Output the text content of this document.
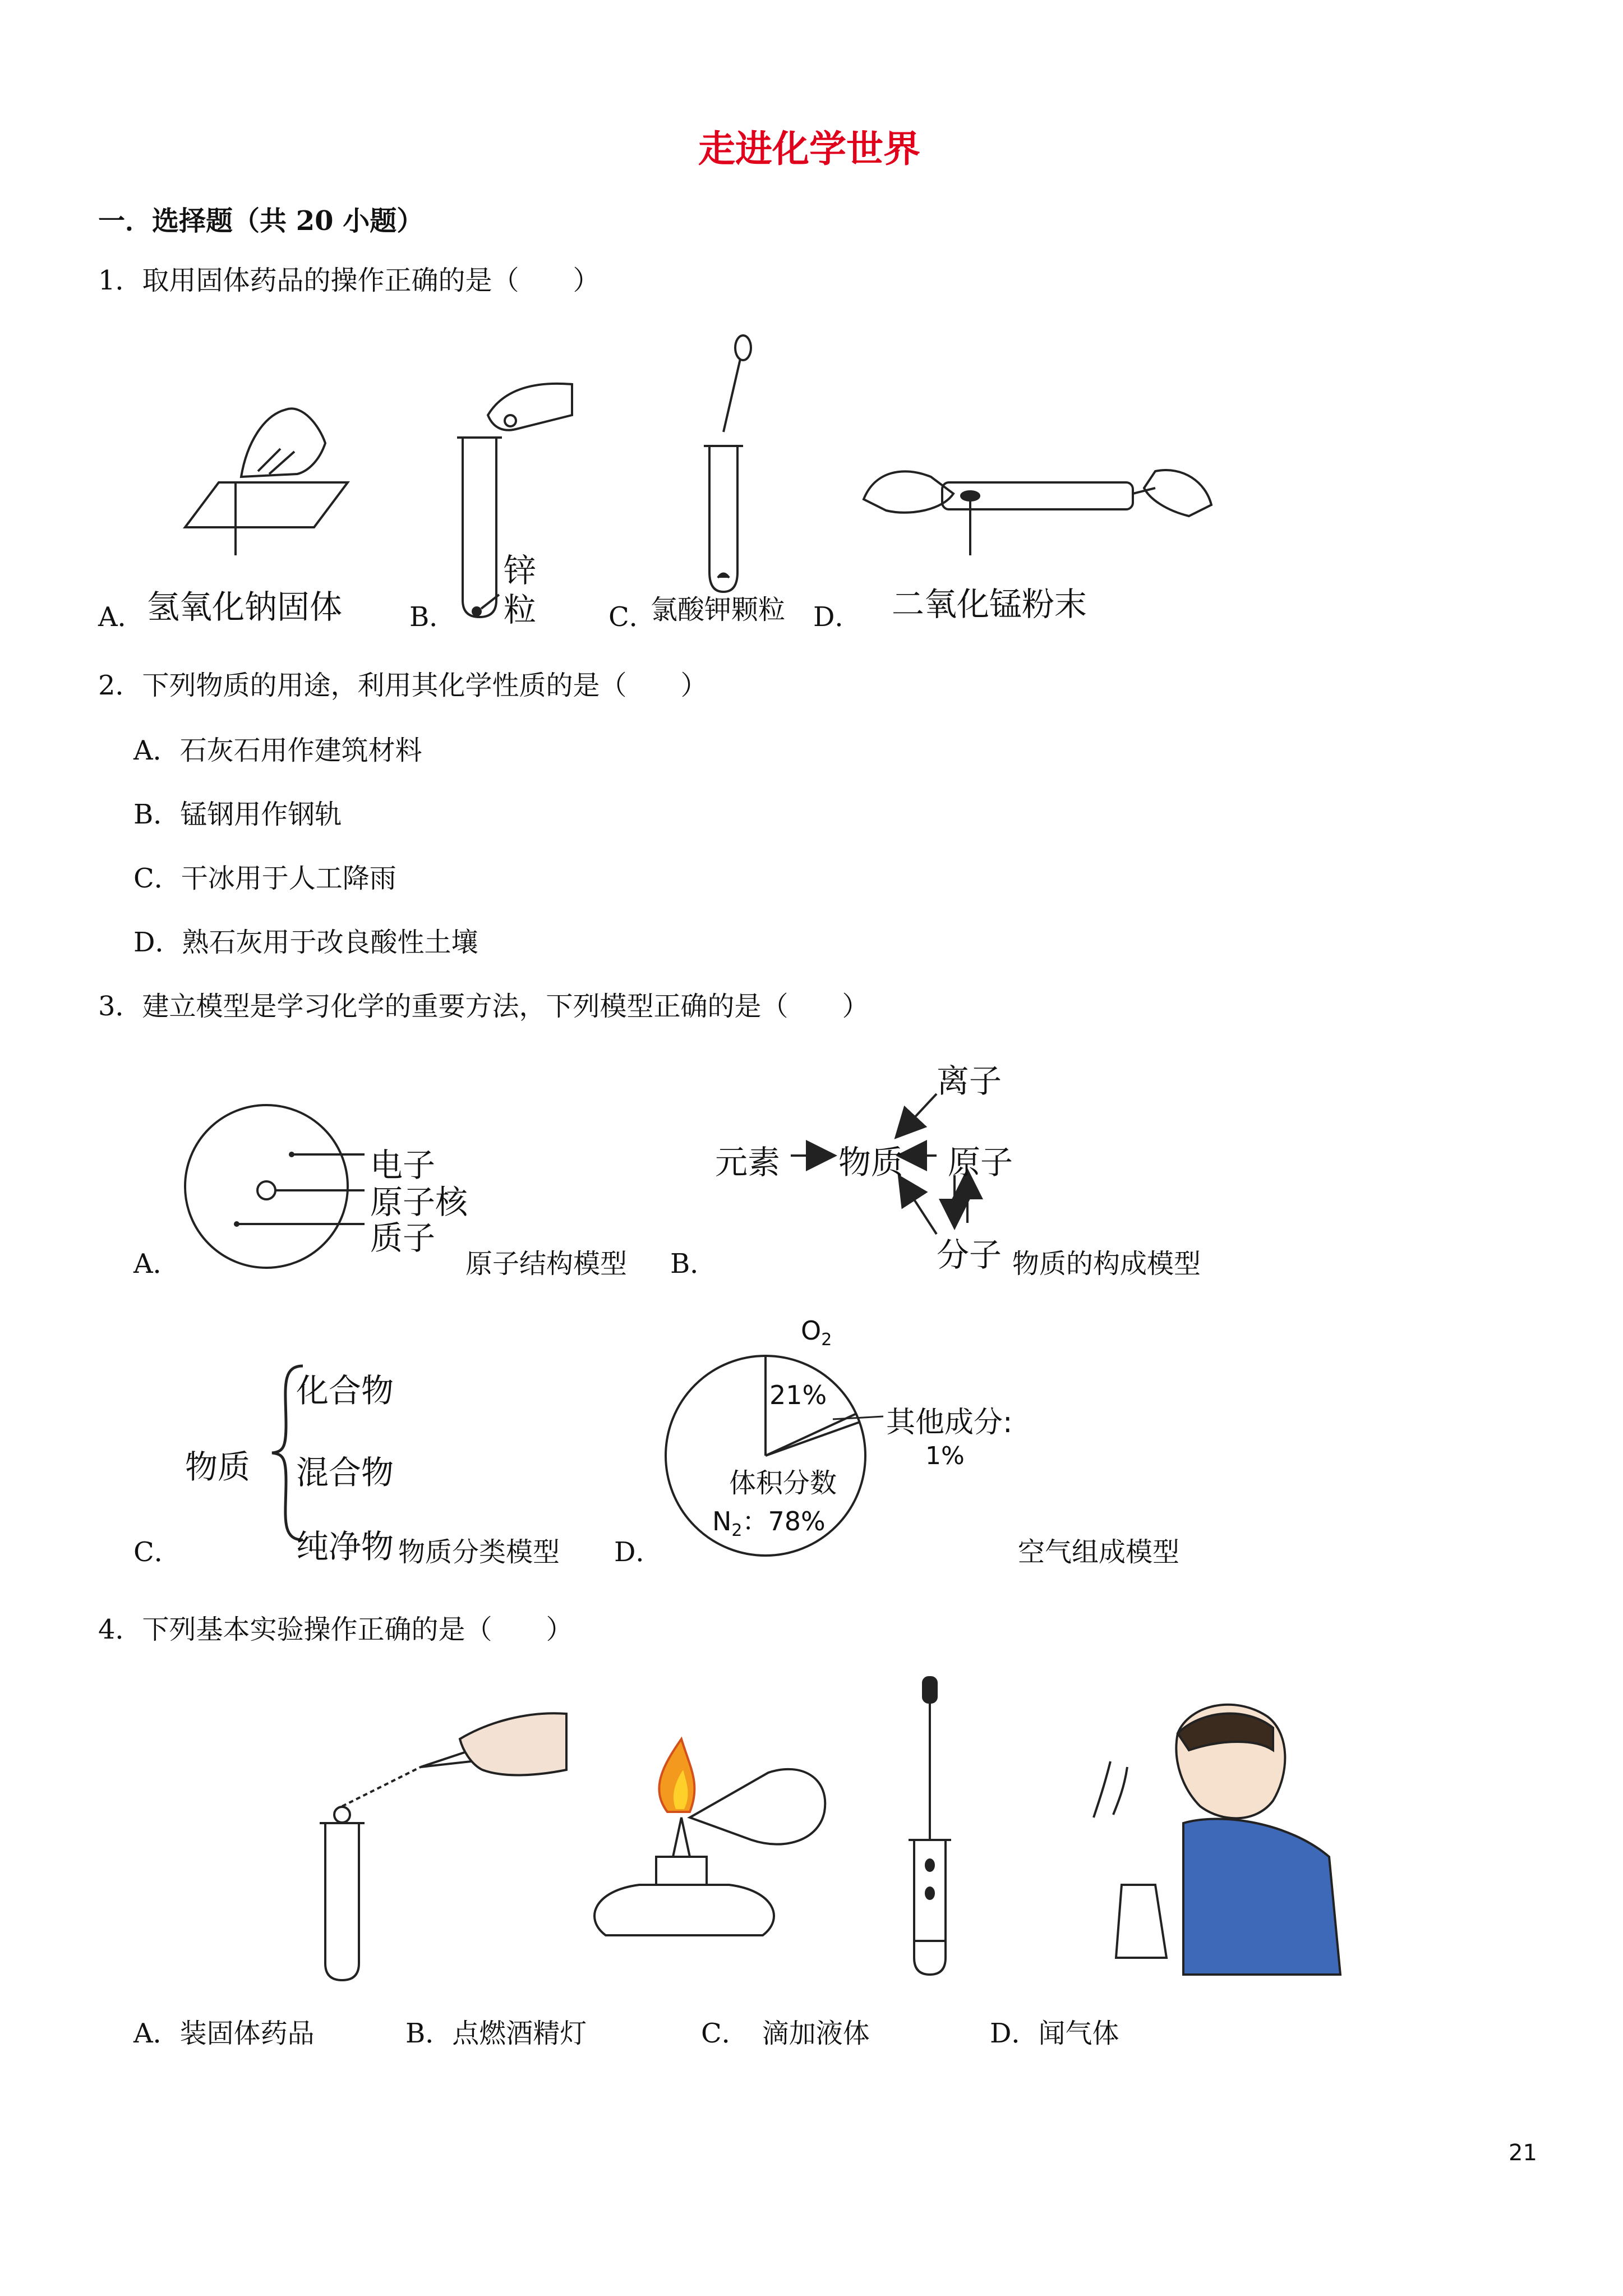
走进化学世界
一．选择题（共 20 小题）
1．取用固体药品的操作正确的是（　　）
A． 氢氧化钠固体 B．
锌
粒	C．
氯酸钾颗粒 D． 二氧化锰粉末
2．下列物质的用途，利用其化学性质的是（　　）
A．石灰石用作建筑材料
B．锰钢用作钢轨
C．干冰用于人工降雨
D．熟石灰用于改良酸性土壤
3．建立模型是学习化学的重要方法，下列模型正确的是（　　）
电子
原子核
质子
A．	原子结构模型
离子
元素 物质 原子
分子
B．	物质的构成模型
物质
化合物
混合物
纯净物
C．	物质分类模型
$O_2$
21%
其他成分:
1%
体积分数
$N_2$：78%
D．	空气组成模型
4．下列基本实验操作正确的是（　　）
A．装固体药品	B．点燃酒精灯	C．　滴加液体	D．闻气体
21
